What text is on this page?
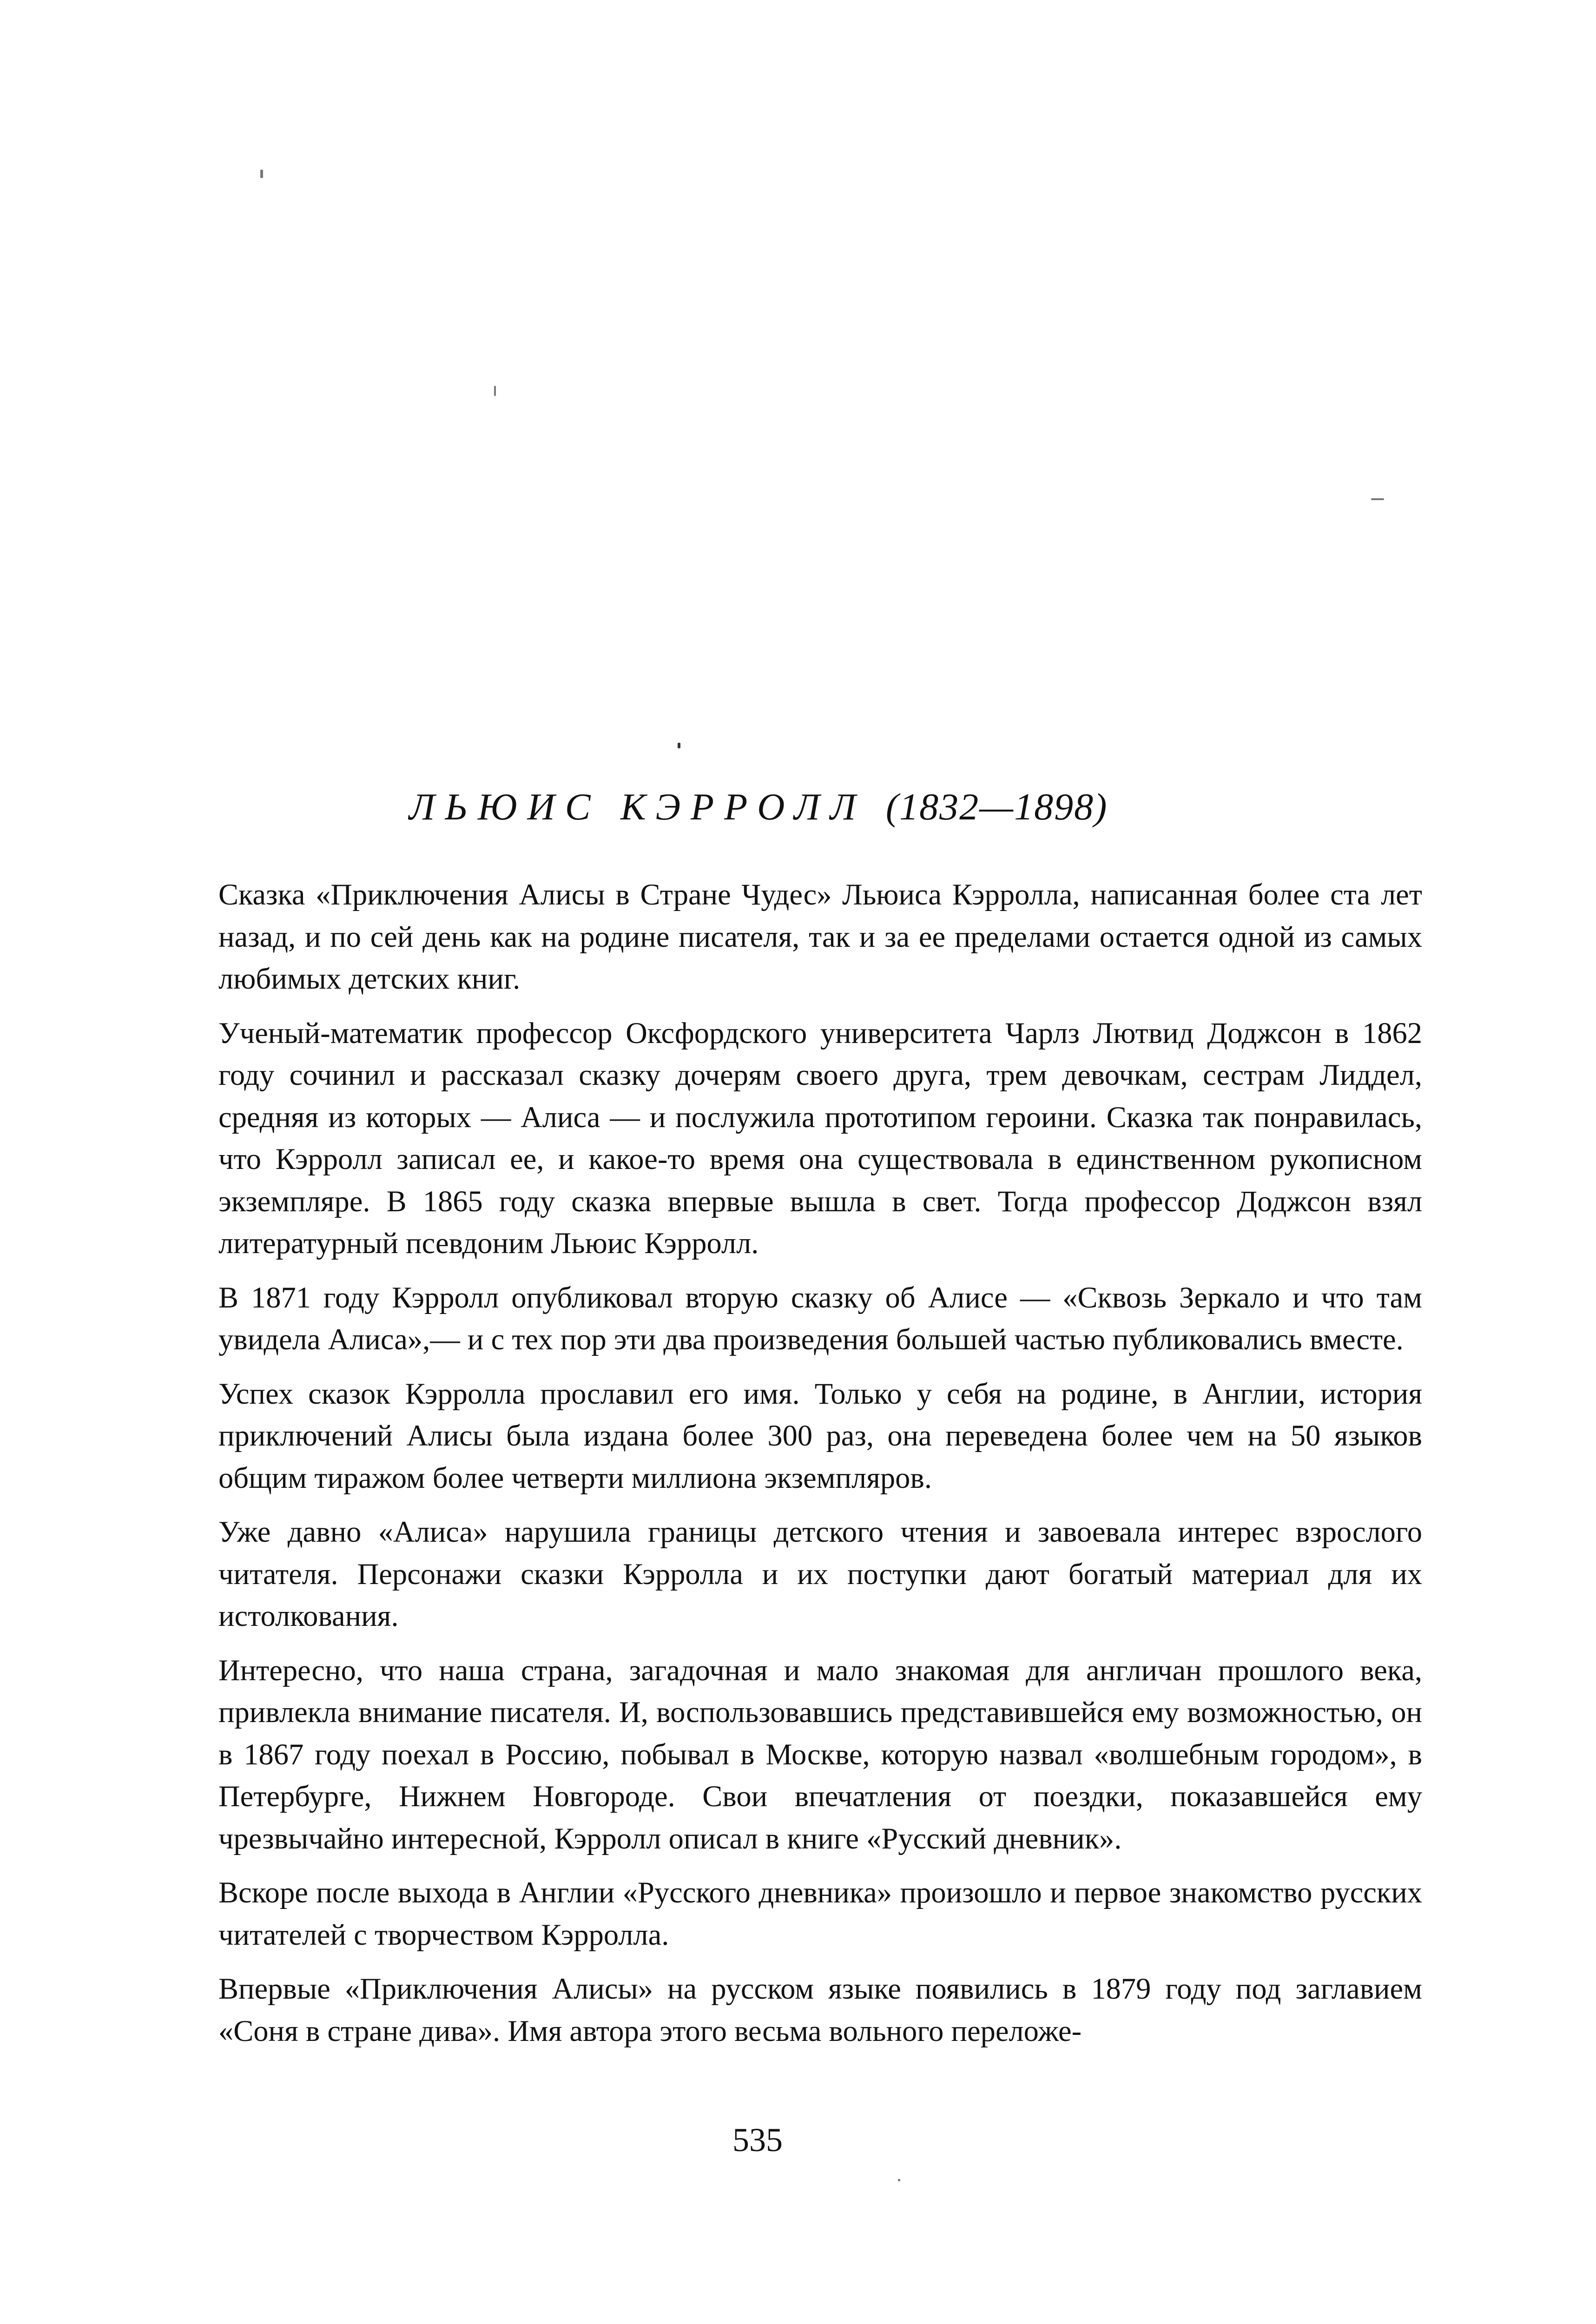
ЛЬЮИС КЭРРОЛЛ (1832—1898)

Сказка «Приключения Алисы в Стране Чудес» Льюиса Кэрролла, написанная более ста лет назад, и по сей день как на родине писателя, так и за ее пределами остается одной из самых любимых детских книг.

Ученый-математик профессор Оксфордского университета Чарлз Лютвид Доджсон в 1862 году сочинил и рассказал сказку дочерям своего друга, трем девочкам, сестрам Лиддел, средняя из которых — Алиса — и послужила прототипом героини. Сказка так понравилась, что Кэрролл записал ее, и какое-то время она существовала в единственном рукописном экземпляре. В 1865 году сказка впервые вышла в свет. Тогда профессор Доджсон взял литературный псевдоним Льюис Кэрролл.

В 1871 году Кэрролл опубликовал вторую сказку об Алисе — «Сквозь Зеркало и что там увидела Алиса»,— и с тех пор эти два произведения большей частью публиковались вместе.

Успех сказок Кэрролла прославил его имя. Только у себя на родине, в Англии, история приключений Алисы была издана более 300 раз, она переведена более чем на 50 языков общим тиражом более четверти миллиона экземпляров.

Уже давно «Алиса» нарушила границы детского чтения и завоевала интерес взрослого читателя. Персонажи сказки Кэрролла и их поступки дают богатый материал для их истолкования.

Интересно, что наша страна, загадочная и мало знакомая для англичан прошлого века, привлекла внимание писателя. И, воспользовавшись представившейся ему возможностью, он в 1867 году поехал в Россию, побывал в Москве, которую назвал «волшебным городом», в Петербурге, Нижнем Новгороде. Свои впечатления от поездки, показавшейся ему чрезвычайно интересной, Кэрролл описал в книге «Русский дневник».

Вскоре после выхода в Англии «Русского дневника» произошло и первое знакомство русских читателей с творчеством Кэрролла.

Впервые «Приключения Алисы» на русском языке появились в 1879 году под заглавием «Соня в стране дива». Имя автора этого весьма вольного переложе-

535
